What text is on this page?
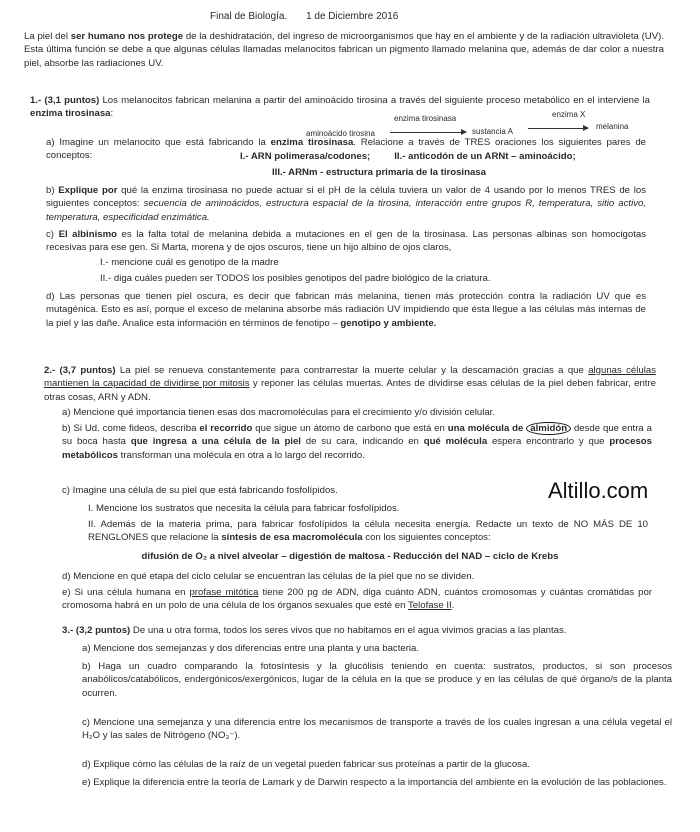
Final de Biología. 1 de Diciembre 2016

La piel del ser humano nos protege de la deshidratación, del ingreso de microorganismos que hay en el ambiente y de la radiación ultravioleta (UV). Esta última función se debe a que algunas células llamadas melanocitos fabrican un pigmento llamado melanina que, además de dar color a nuestra piel, absorbe las radiaciones UV.

1.- (3,1 puntos) Los melanocitos fabrican melanina a partir del aminoácido tirosina a través del siguiente proceso metabólico en el interviene la enzima tirosinasa:	enzima tirosinasa	enzima X
aminoácido tirosina	sustancia A
melanina

a) Imagine un melanocito que está fabricando la enzima tirosinasa. Relacione a través de TRES oraciones los siguientes pares de conceptos:	I.- ARN polimerasa/codones;	II.- anticodón de un ARNt – aminoácido;

III.- ARNm - estructura primaria de la tirosinasa

b) Explique por qué la enzima tirosinasa no puede actuar si el pH de la célula tuviera un valor de 4 usando por lo menos TRES de los siguientes conceptos: secuencia de aminoácidos, estructura espacial de la tirosina, interacción entre grupos R, temperatura, sitio activo, temperatura, especificidad enzimática.

c) El albinismo es la falta total de melanina debida a mutaciones en el gen de la tirosinasa. Las personas albinas son homocigotas recesivas para ese gen. Si Marta, morena y de ojos oscuros, tiene un hijo albino de ojos claros,

I.- mencione cuál es genotipo de la madre

II.- diga cuáles pueden ser TODOS los posibles genotipos del padre biológico de la criatura.

d) Las personas que tienen piel oscura, es decir que fabrican más melanina, tienen más protección contra la radiación UV que es mutagénica. Esto es así, porque el exceso de melanina absorbe más radiación UV impidiendo que ésta llegue a las células más internas de la piel y las dañe. Analice esta información en términos de fenotipo – genotipo y ambiente.

2.- (3,7 puntos) La piel se renueva constantemente para contrarrestar la muerte celular y la descamación gracias a que algunas células mantienen la capacidad de dividirse por mitosis y reponer las células muertas. Antes de dividirse esas células de la piel deben fabricar, entre otras cosas, ARN y ADN.

a) Mencione qué importancia tienen esas dos macromoléculas para el crecimiento y/o división celular.

b) Si Ud. come fideos, describa el recorrido que sigue un átomo de carbono que está en una molécula de almidón desde que entra a su boca hasta que ingresa a una célula de la piel de su cara, indicando en qué molécula espera encontrarlo y que procesos metabólicos transforman una molécula en otra a lo largo del recorrido.

c) Imagine una célula de su piel que está fabricando fosfolípidos.

I. Mencione los sustratos que necesita la célula para fabricar fosfolípidos.

II. Además de la materia prima, para fabricar fosfolípidos la célula necesita energía. Redacte un texto de NO MÁS DE 10 RENGLONES que relacione la síntesis de esa macromolécula con los siguientes conceptos:

difusión de O₂ a nivel alveolar – digestión de maltosa - Reducción del NAD – ciclo de Krebs

d) Mencione en qué etapa del ciclo celular se encuentran las células de la piel que no se dividen.

e) Si una célula humana en profase mitótica tiene 200 pg de ADN, diga cuánto ADN, cuántos cromosomas y cuántas cromátidas por cromosoma habrá en un polo de una célula de los órganos sexuales que esté en Telofase II.

3.- (3,2 puntos) De una u otra forma, todos los seres vivos que no habitamos en el agua vivimos gracias a las plantas.

a) Mencione dos semejanzas y dos diferencias entre una planta y una bacteria.

b) Haga un cuadro comparando la fotosíntesis y la glucólisis teniendo en cuenta: sustratos, productos, si son procesos anabólicos/catabólicos, endergónicos/exergónicos, lugar de la célula en la que se produce y en las células de qué órgano/s de la planta ocurren.

c) Mencione una semejanza y una diferencia entre los mecanismos de transporte a través de los cuales ingresan a una célula vegetal el H₂O y las sales de Nitrógeno (NO₃⁻).

d) Explique cómo las células de la raíz de un vegetal pueden fabricar sus proteínas a partir de la glucosa.

e) Explique la diferencia entre la teoría de Lamark y de Darwin respecto a la importancia del ambiente en la evolución de las poblaciones.

Altillo.com
